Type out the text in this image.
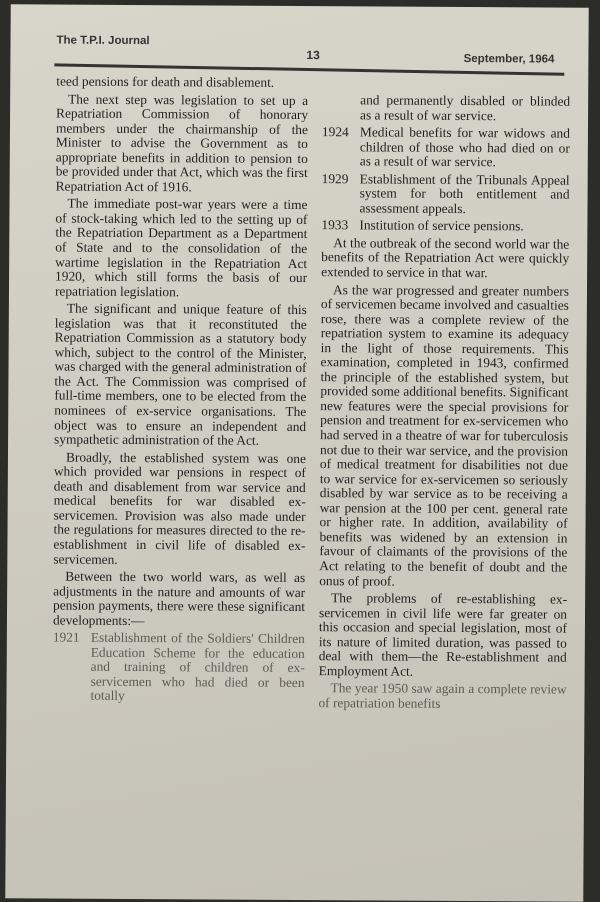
The T.P.I. Journal
13	September, 1964

teed pensions for death and disablement.

The next step was legislation to set up a Repatriation Commission of honorary members under the chairmanship of the Minister to advise the Government as to appropriate benefits in addition to pension to be provided under that Act, which was the first Repatriation Act of 1916.

The immediate post-war years were a time of stock-taking which led to the setting up of the Repatriation Department as a Department of State and to the consolidation of the wartime legislation in the Repatriation Act 1920, which still forms the basis of our repatriation legislation.

The significant and unique feature of this legislation was that it reconstituted the Repatriation Commission as a statutory body which, subject to the control of the Minister, was charged with the general administration of the Act. The Commission was comprised of full-time members, one to be elected from the nominees of ex-service organisations. The object was to ensure an independent and sympathetic administration of the Act.

Broadly, the established system was one which provided war pensions in respect of death and disablement from war service and medical benefits for war disabled ex-servicemen. Provision was also made under the regulations for measures directed to the re-establishment in civil life of disabled ex-servicemen.

Between the two world wars, as well as adjustments in the nature and amounts of war pension payments, there were these significant developments:—

1921 Establishment of the Soldiers' Children Education Scheme for the education and training of children of ex-servicemen who had died or been totally
and permanently disabled or blinded as a result of war service.
1924 Medical benefits for war widows and children of those who had died on or as a result of war service.
1929 Establishment of the Tribunals Appeal system for both entitlement and assessment appeals.
1933 Institution of service pensions.

At the outbreak of the second world war the benefits of the Repatriation Act were quickly extended to service in that war.

As the war progressed and greater numbers of servicemen became involved and casualties rose, there was a complete review of the repatriation system to examine its adequacy in the light of those requirements. This examination, completed in 1943, confirmed the principle of the established system, but provided some additional benefits. Significant new features were the special provisions for pension and treatment for ex-servicemen who had served in a theatre of war for tuberculosis not due to their war service, and the provision of medical treatment for disabilities not due to war service for ex-servicemen so seriously disabled by war service as to be receiving a war pension at the 100 per cent. general rate or higher rate. In addition, availability of benefits was widened by an extension in favour of claimants of the provisions of the Act relating to the benefit of doubt and the onus of proof.

The problems of re-establishing ex-servicemen in civil life were far greater on this occasion and special legislation, most of its nature of limited duration, was passed to deal with them—the Re-establishment and Employment Act.

The year 1950 saw again a complete review of repatriation benefits
